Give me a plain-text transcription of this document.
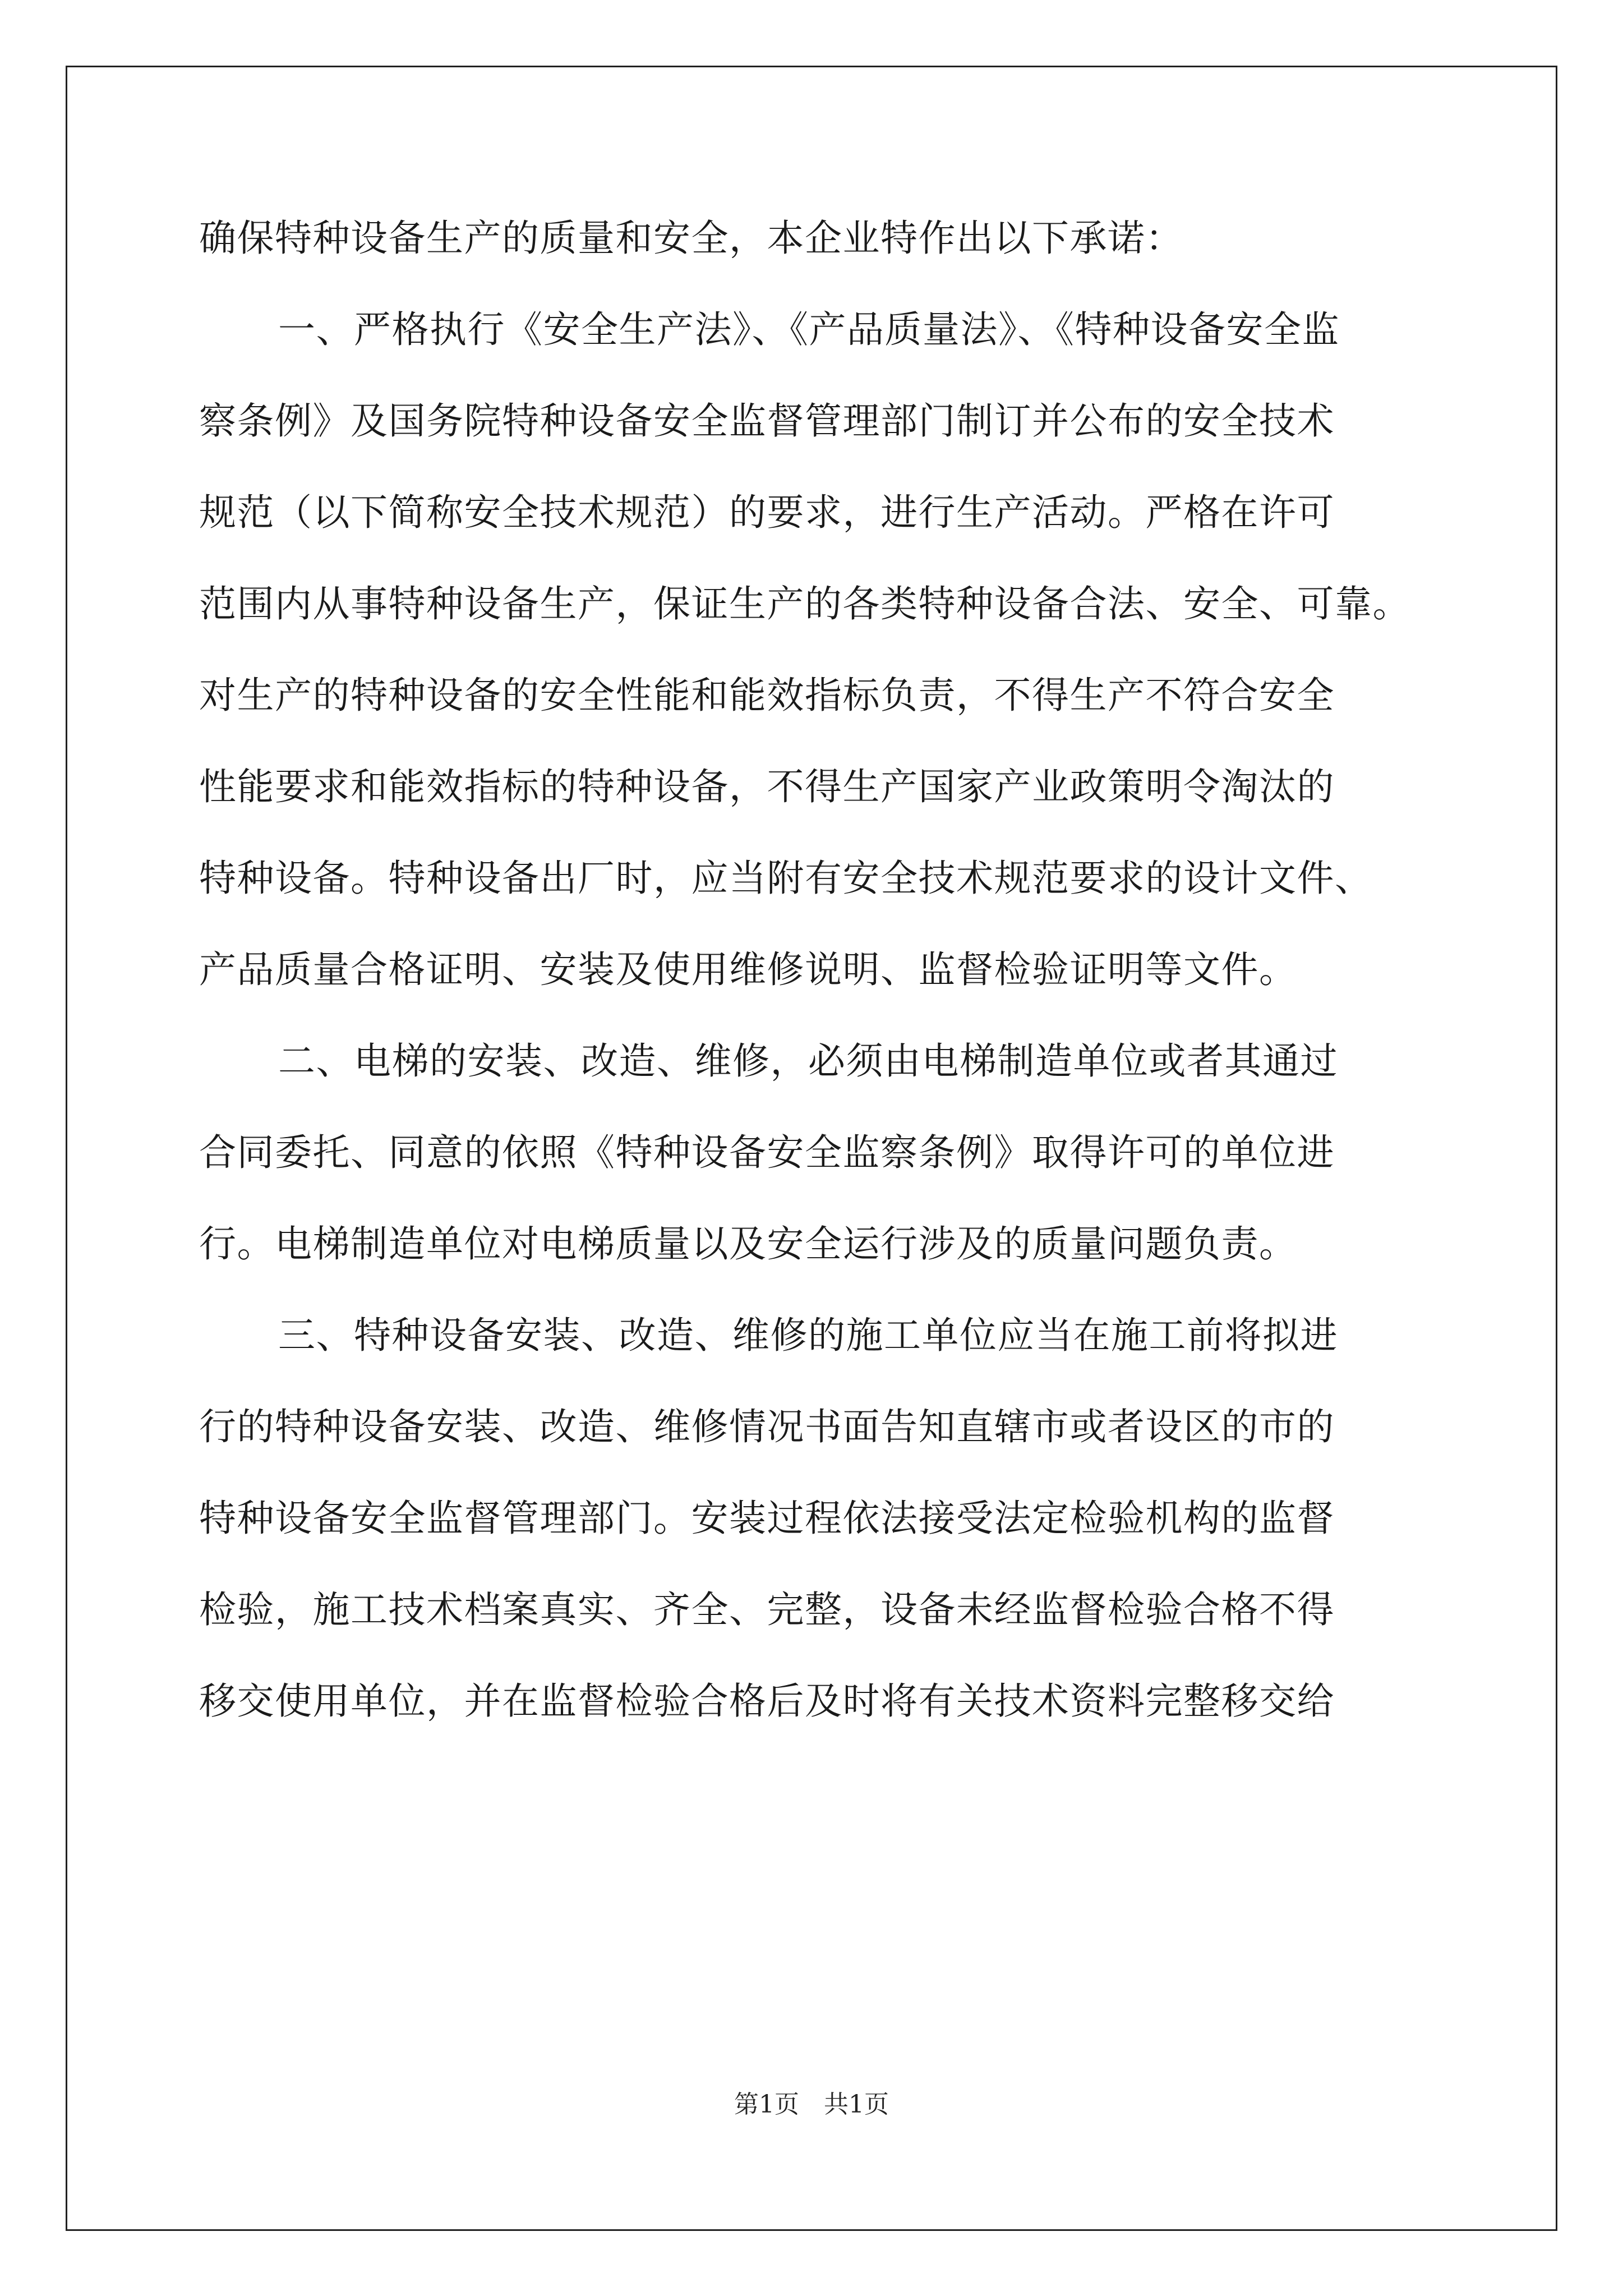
确保特种设备生产的质量和安全，本企业特作出以下承诺：
一、严格执行《安全生产法》、《产品质量法》、《特种设备安全监
察条例》及国务院特种设备安全监督管理部门制订并公布的安全技术
规范（以下简称安全技术规范）的要求，进行生产活动。严格在许可
范围内从事特种设备生产，保证生产的各类特种设备合法、安全、可靠。
对生产的特种设备的安全性能和能效指标负责，不得生产不符合安全
性能要求和能效指标的特种设备，不得生产国家产业政策明令淘汰的
特种设备。特种设备出厂时，应当附有安全技术规范要求的设计文件、
产品质量合格证明、安装及使用维修说明、监督检验证明等文件。
二、电梯的安装、改造、维修，必须由电梯制造单位或者其通过
合同委托、同意的依照《特种设备安全监察条例》取得许可的单位进
行。电梯制造单位对电梯质量以及安全运行涉及的质量问题负责。
三、特种设备安装、改造、维修的施工单位应当在施工前将拟进
行的特种设备安装、改造、维修情况书面告知直辖市或者设区的市的
特种设备安全监督管理部门。安装过程依法接受法定检验机构的监督
检验，施工技术档案真实、齐全、完整，设备未经监督检验合格不得
移交使用单位，并在监督检验合格后及时将有关技术资料完整移交给
第1页 共1页
